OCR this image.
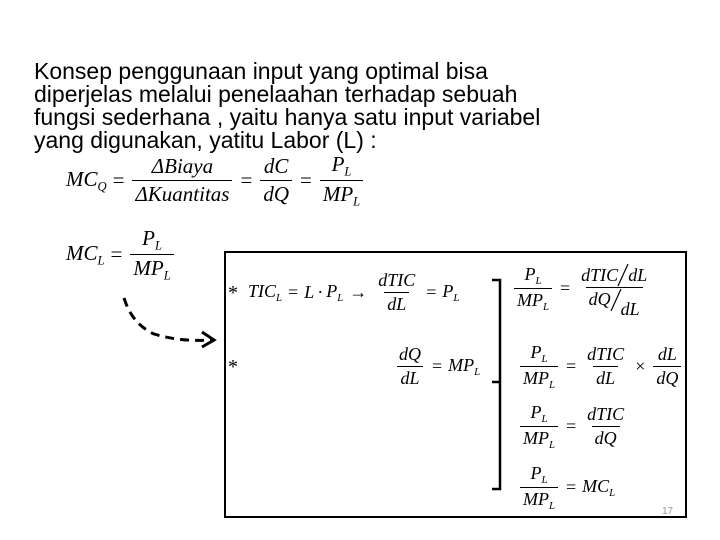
Konsep penggunaan input yang optimal bisa
diperjelas melalui penelaahan terhadap sebuah
fungsi sederhana , yaitu hanya satu input variabel
yang digunakan, yatitu Labor (L) :
$MC_Q = \frac{\text{ΔBiaya}}{\text{ΔKuantitas}} = \frac{dC}{dQ} = \frac{P_L}{MP_L}$
$MC_L = \frac{P_L}{MP_L}$
*
*
$TIC_L = L \cdot P_L \to \frac{\text{dTIC}}{dL} = P_L$
$\frac{dQ}{dL} = MP_L$
$\frac{P_L}{MP_L} = \frac{\text{dTIC dL}}{\text{dQ dL}}$
$\frac{P_L}{MP_L} = \frac{\text{dTIC}}{dL} \times \frac{dL}{dQ}$
$\frac{P_L}{MP_L} = \frac{\text{dTIC}}{dQ}$
$\frac{P_L}{MP_L} = MC_L$
17
